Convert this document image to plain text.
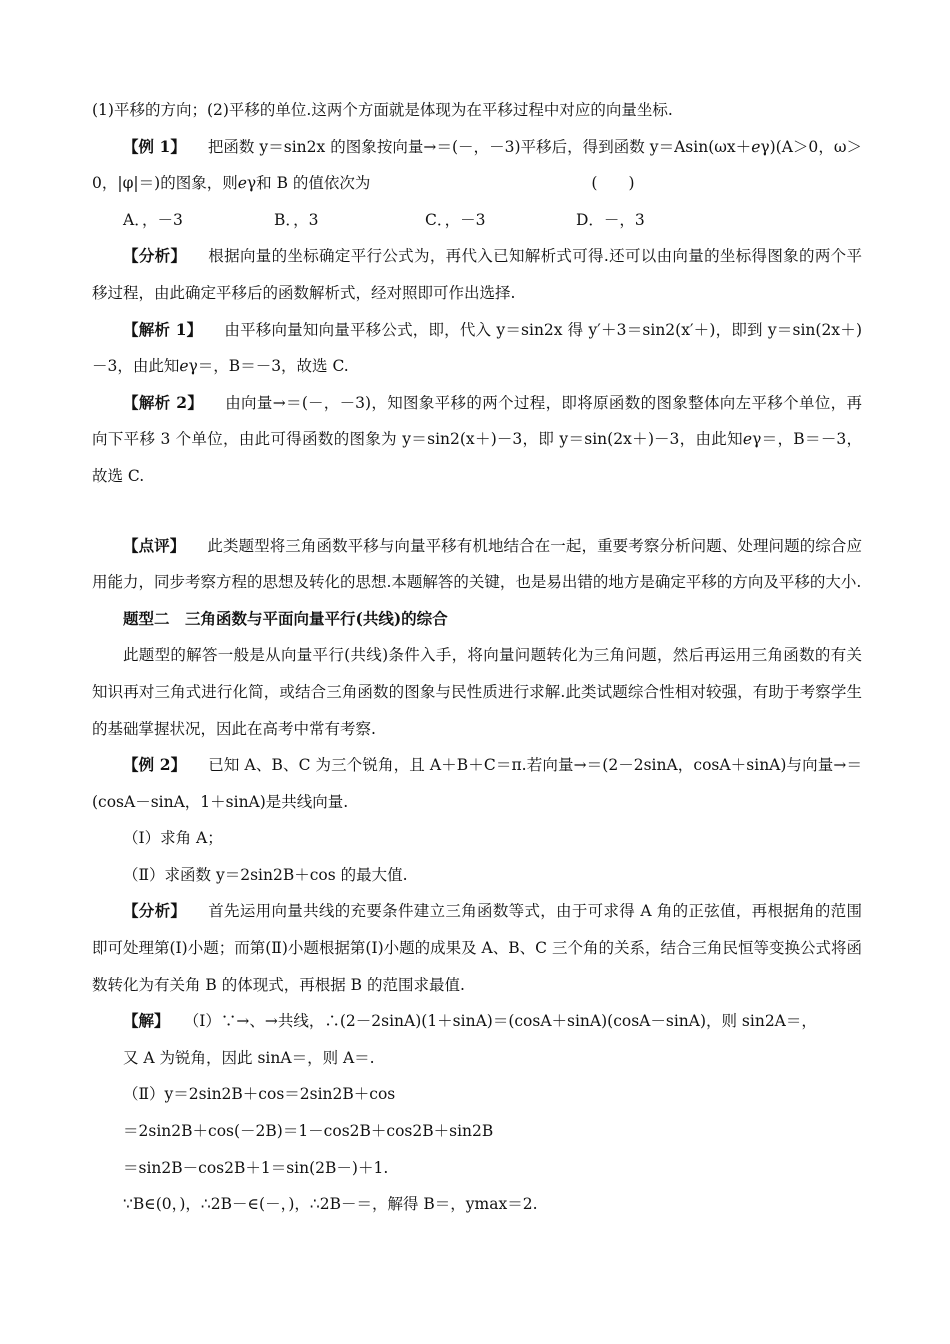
(1)平移的方向；(2)平移的单位.这两个方面就是体现为在平移过程中对应的向量坐标.

【例 1】 把函数 y＝sin2x 的图象按向量→＝(－，－3)平移后，得到函数 y＝Asin(ωx＋ℯγ)(A＞0，ω＞0，|φ|＝)的图象，则ℯγ和 B 的值依次为	(　　)

A．，－3	B．，3	C．，－3	D．－，3

【分析】 根据向量的坐标确定平行公式为，再代入已知解析式可得.还可以由向量的坐标得图象的两个平移过程，由此确定平移后的函数解析式，经对照即可作出选择.

【解析 1】 由平移向量知向量平移公式，即，代入 y＝sin2x 得 y′＋3＝sin2(x′＋)，即到 y＝sin(2x＋)－3，由此知ℯγ＝，B＝－3，故选 C.

【解析 2】 由向量→＝(－，－3)，知图象平移的两个过程，即将原函数的图象整体向左平移个单位，再向下平移 3 个单位，由此可得函数的图象为 y＝sin2(x＋)－3，即 y＝sin(2x＋)－3，由此知ℯγ＝，B＝－3，故选 C.

【点评】 此类题型将三角函数平移与向量平移有机地结合在一起，重要考察分析问题、处理问题的综合应用能力，同步考察方程的思想及转化的思想.本题解答的关键，也是易出错的地方是确定平移的方向及平移的大小.

题型二　三角函数与平面向量平行(共线)的综合

此题型的解答一般是从向量平行(共线)条件入手，将向量问题转化为三角问题，然后再运用三角函数的有关知识再对三角式进行化简，或结合三角函数的图象与民性质进行求解.此类试题综合性相对较强，有助于考察学生的基础掌握状况，因此在高考中常有考察.

【例 2】 已知 A、B、C 为三个锐角，且 A＋B＋C＝π.若向量→＝(2－2sinA，cosA＋sinA)与向量→＝(cosA－sinA，1＋sinA)是共线向量.

（Ⅰ）求角 A；

（Ⅱ）求函数 y＝2sin2B＋cos 的最大值.

【分析】 首先运用向量共线的充要条件建立三角函数等式，由于可求得 A 角的正弦值，再根据角的范围即可处理第(Ⅰ)小题；而第(Ⅱ)小题根据第(Ⅰ)小题的成果及 A、B、C 三个角的关系，结合三角民恒等变换公式将函数转化为有关角 B 的体现式，再根据 B 的范围求最值.

【解】 （Ⅰ）∵→、→共线，∴(2－2sinA)(1＋sinA)＝(cosA＋sinA)(cosA－sinA)，则 sin2A＝，

又 A 为锐角，因此 sinA＝，则 A＝.

（Ⅱ）y＝2sin2B＋cos＝2sin2B＋cos

＝2sin2B＋cos(－2B)＝1－cos2B＋cos2B＋sin2B

＝sin2B－cos2B＋1＝sin(2B－)＋1.

∵B∈(0，)，∴2B－∈(－，)，∴2B－＝，解得 B＝，ymax＝2.
